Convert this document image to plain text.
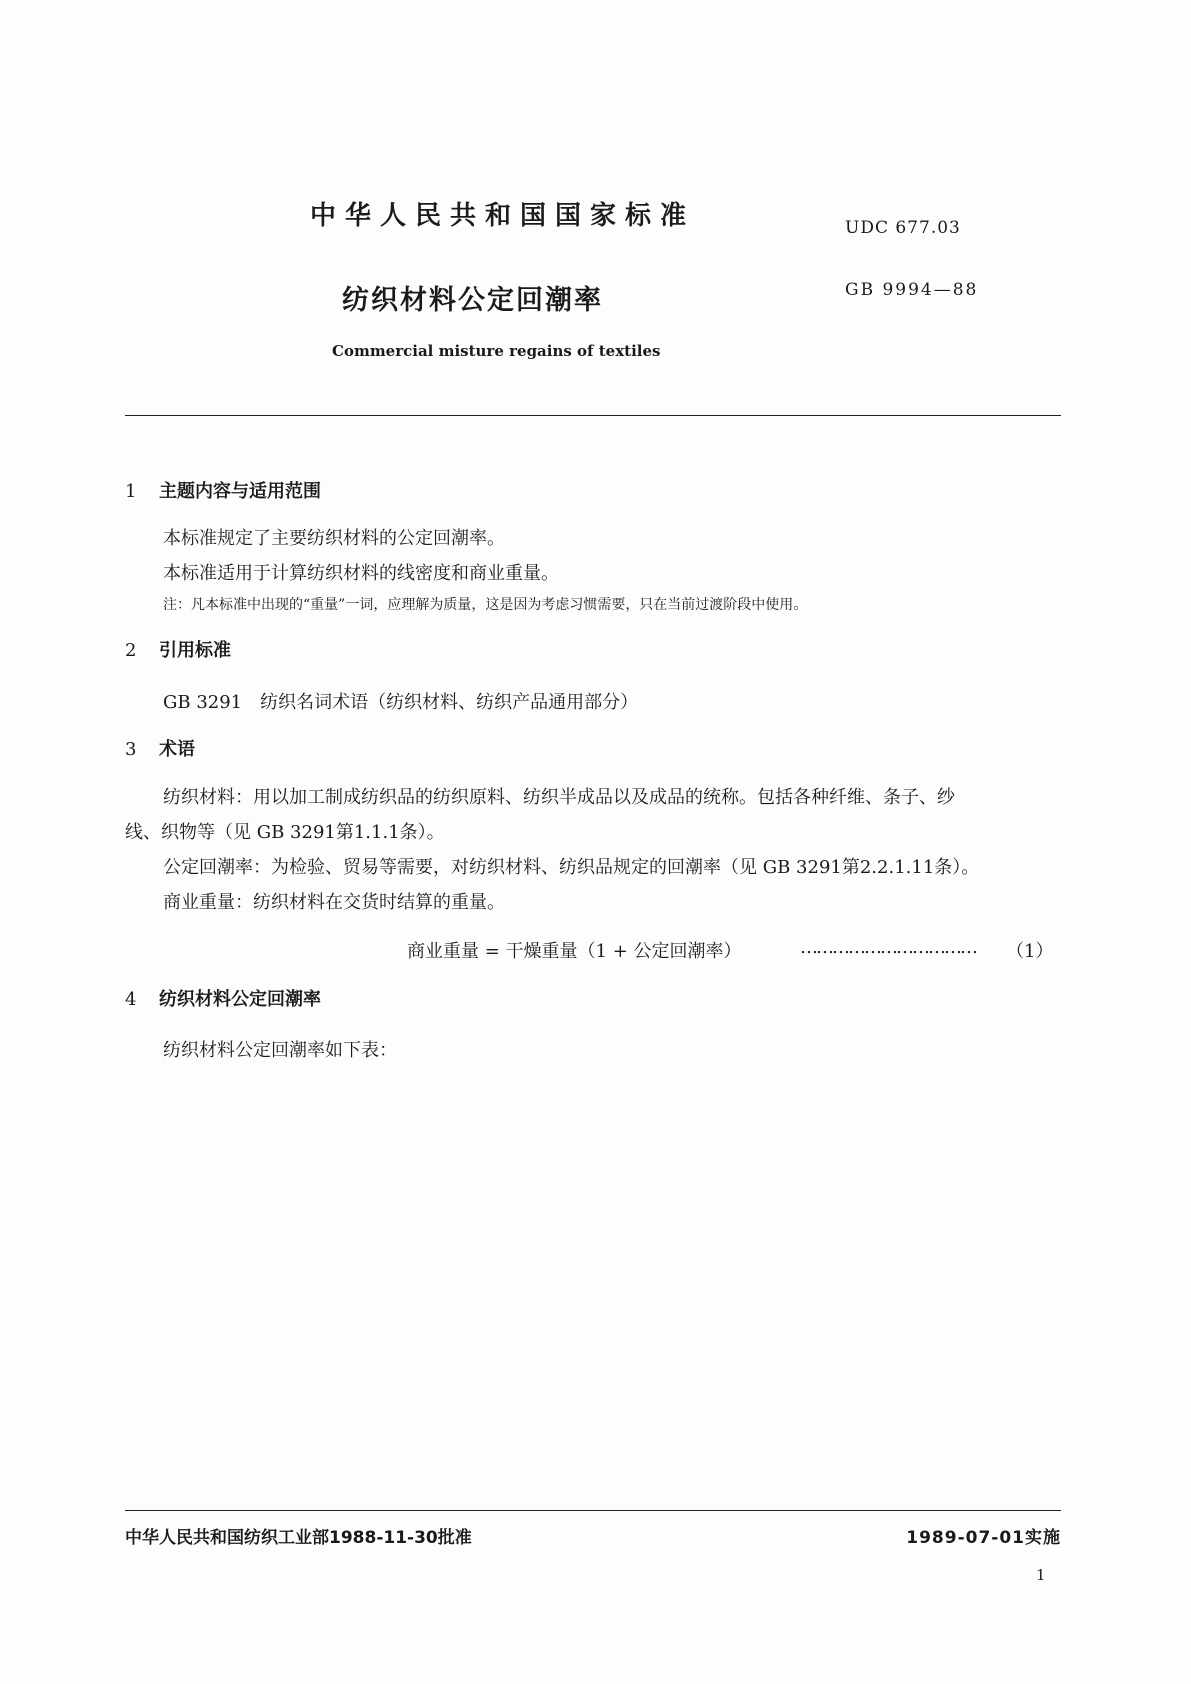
中华人民共和国国家标准	UDC 677.03
纺织材料公定回潮率	GB 9994—88
Commercial misture regains of textiles
1 主题内容与适用范围
本标准规定了主要纺织材料的公定回潮率。
本标准适用于计算纺织材料的线密度和商业重量。
注：凡本标准中出现的“重量”一词，应理解为质量，这是因为考虑习惯需要，只在当前过渡阶段中使用。
2 引用标准
GB 3291　纺织名词术语（纺织材料、纺织产品通用部分）
3 术语
纺织材料：用以加工制成纺织品的纺织原料、纺织半成品以及成品的统称。包括各种纤维、条子、纱
线、织物等（见 GB 3291第1.1.1条）。
公定回潮率：为检验、贸易等需要，对纺织材料、纺织品规定的回潮率（见 GB 3291第2.2.1.11条）。
商业重量：纺织材料在交货时结算的重量。
商业重量 = 干燥重量（1 + 公定回潮率）	…………………………… （1）
4 纺织材料公定回潮率
纺织材料公定回潮率如下表：
中华人民共和国纺织工业部1988-11-30批准	1989-07-01实施
1
